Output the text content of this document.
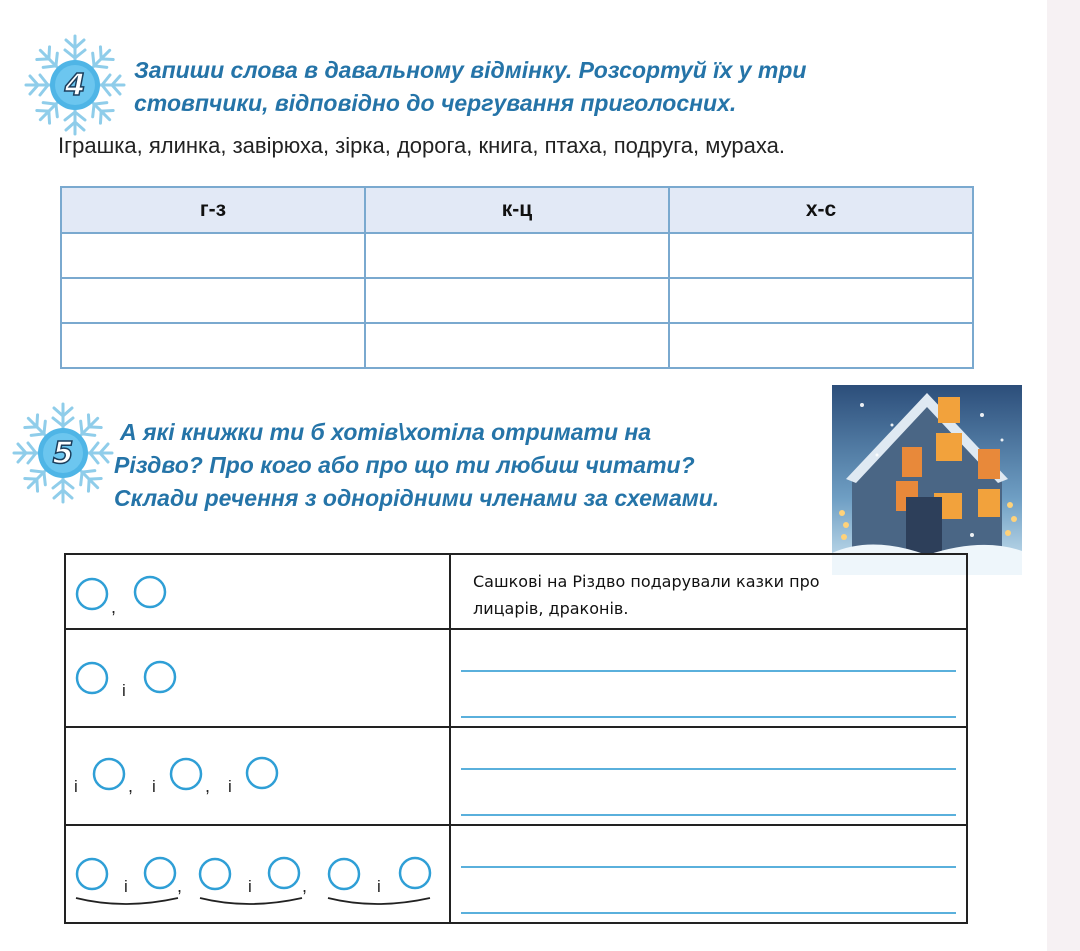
4	Запиши слова в давальному відмінку. Розсортуй їх у три
стовпчики, відповідно до чергування приголосних.
Іграшка, ялинка, завірюха, зірка, дорога, книга, птаха, подруга, мураха.
г-з	к-ц	х-с

5
А які книжки ти б хотів\хотіла отримати на
Різдво? Про кого або про що ти любиш читати?
Склади речення з однорідними членами за схемами.
,	Сашкові на Різдво подарували казки про
лицарів, драконів.

і	

і , і , і	

і , і , і	
